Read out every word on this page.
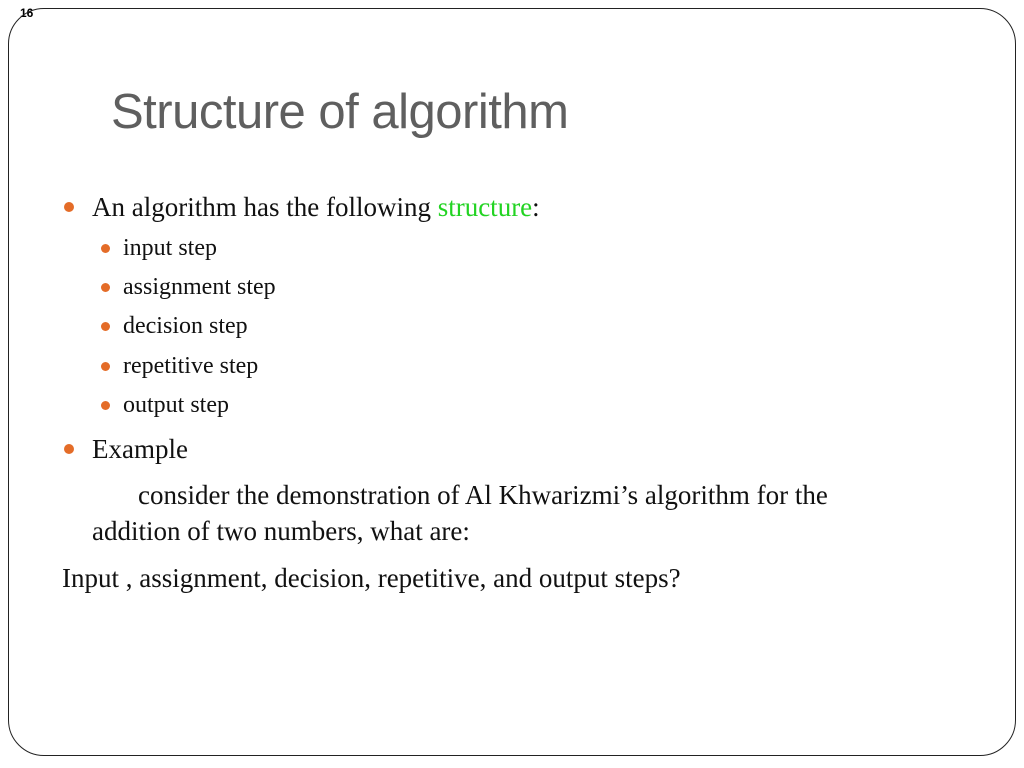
16
Structure of algorithm
An algorithm has the following structure:
input step
assignment step
decision step
repetitive step
output step
Example
consider the demonstration of Al Khwarizmi’s algorithm for the
addition of two numbers, what are:
Input , assignment, decision, repetitive, and output steps?
